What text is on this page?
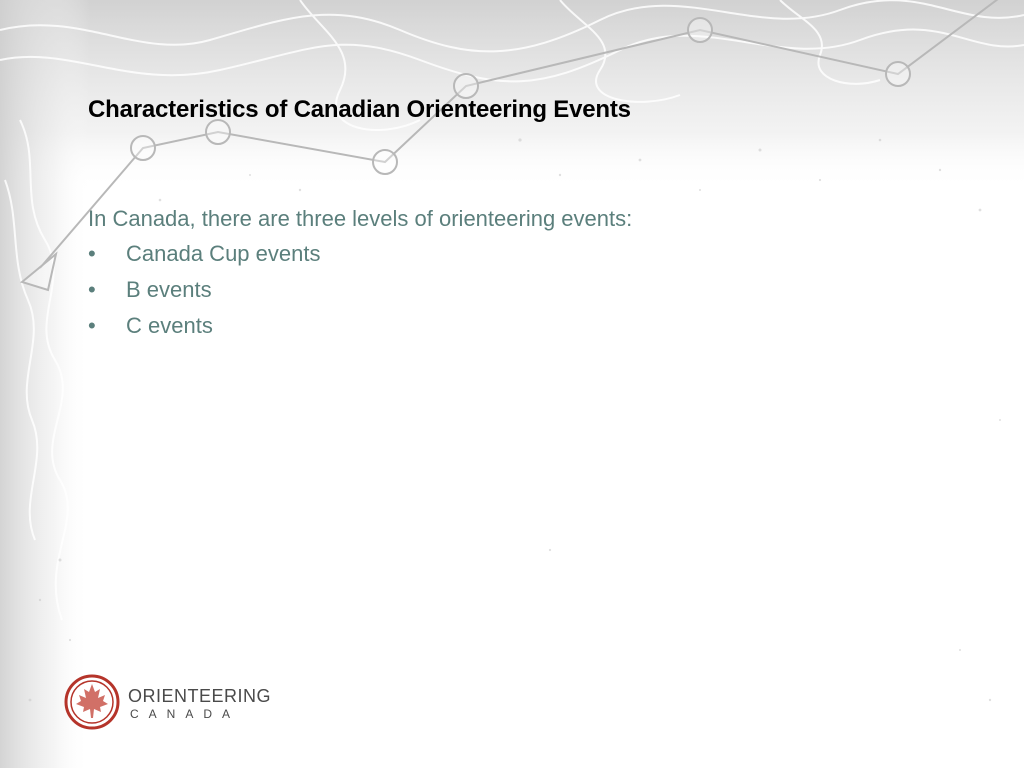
Characteristics of Canadian Orienteering Events

In Canada, there are three levels of orienteering events:

• Canada Cup events
• B events
• C events
ORIENTEERING
CANADA
